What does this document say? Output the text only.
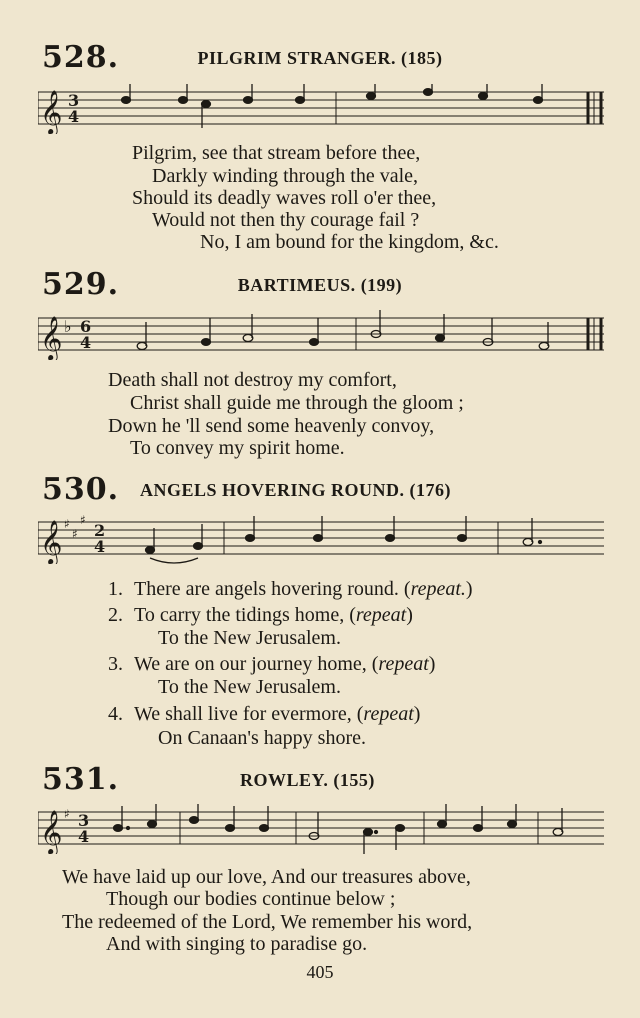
528.	PILGRIM STRANGER. (185)
𝄞 3
4
Pilgrim, see that stream before thee,
Darkly winding through the vale,
Should its deadly waves roll o'er thee,
Would not then thy courage fail ?
No, I am bound for the kingdom, &c.
529.	BARTIMEUS. (199)
𝄞 ♭ 6
4
Death shall not destroy my comfort,
Christ shall guide me through the gloom ;
Down he 'll send some heavenly convoy,
To convey my spirit home.
530. ANGELS HOVERING ROUND. (176)
𝄞 ♯
♯
♯
2
4
1. There are angels hovering round. (repeat.)
2. To carry the tidings home, (repeat)
To the New Jerusalem.
3. We are on our journey home, (repeat)
To the New Jerusalem.
4. We shall live for evermore, (repeat)
On Canaan's happy shore.
531.	ROWLEY. (155)
𝄞 ♯ 3
4
We have laid up our love, And our treasures above,
Though our bodies continue below ;
The redeemed of the Lord, We remember his word,
And with singing to paradise go.
405
